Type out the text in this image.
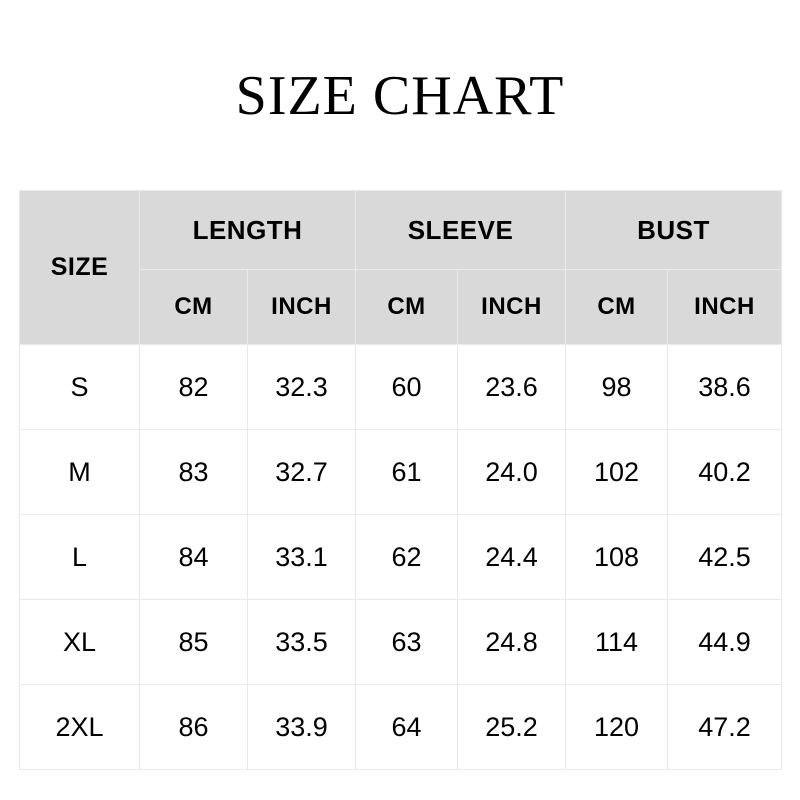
SIZE CHART
SIZE	LENGTH		SLEEVE		BUST	
	CM	INCH	CM	INCH	CM	INCH
S	82	32.3	60	23.6	98	38.6
M	83	32.7	61	24.0	102	40.2
L	84	33.1	62	24.4	108	42.5
XL	85	33.5	63	24.8	114	44.9
2XL	86	33.9	64	25.2	120	47.2
